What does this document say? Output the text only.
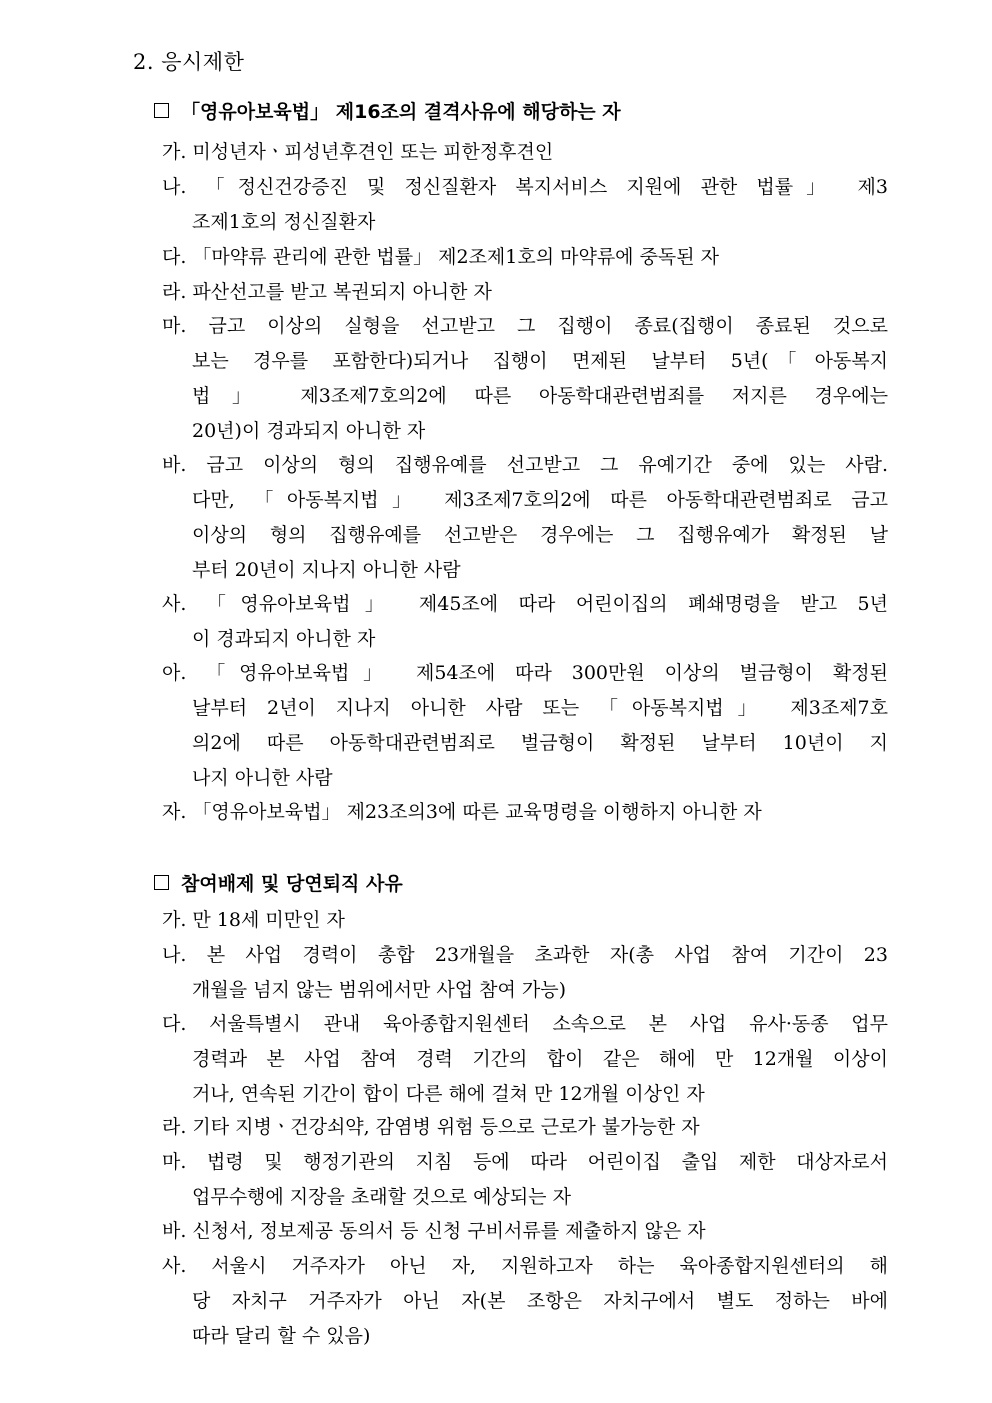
2. 응시제한
「영유아보육법」 제16조의 결격사유에 해당하는 자
가. 미성년자ㆍ피성년후견인 또는 피한정후견인
나. 「정신건강증진 및 정신질환자 복지서비스 지원에 관한 법률」 제3
조제1호의 정신질환자
다. 「마약류 관리에 관한 법률」 제2조제1호의 마약류에 중독된 자
라. 파산선고를 받고 복권되지 아니한 자
마. 금고 이상의 실형을 선고받고 그 집행이 종료(집행이 종료된 것으로
보는 경우를 포함한다)되거나 집행이 면제된 날부터 5년(「아동복지
법」 제3조제7호의2에 따른 아동학대관련범죄를 저지른 경우에는
20년)이 경과되지 아니한 자
바. 금고 이상의 형의 집행유예를 선고받고 그 유예기간 중에 있는 사람.
다만, 「아동복지법」 제3조제7호의2에 따른 아동학대관련범죄로 금고
이상의 형의 집행유예를 선고받은 경우에는 그 집행유예가 확정된 날
부터 20년이 지나지 아니한 사람
사. 「영유아보육법」 제45조에 따라 어린이집의 폐쇄명령을 받고 5년
이 경과되지 아니한 자
아. 「영유아보육법」 제54조에 따라 300만원 이상의 벌금형이 확정된
날부터 2년이 지나지 아니한 사람 또는 「아동복지법」 제3조제7호
의2에 따른 아동학대관련범죄로 벌금형이 확정된 날부터 10년이 지
나지 아니한 사람
자. 「영유아보육법」 제23조의3에 따른 교육명령을 이행하지 아니한 자
참여배제 및 당연퇴직 사유
가. 만 18세 미만인 자
나. 본 사업 경력이 총합 23개월을 초과한 자(총 사업 참여 기간이 23
개월을 넘지 않는 범위에서만 사업 참여 가능)
다. 서울특별시 관내 육아종합지원센터 소속으로 본 사업 유사·동종 업무
경력과 본 사업 참여 경력 기간의 합이 같은 해에 만 12개월 이상이
거나, 연속된 기간이 합이 다른 해에 걸쳐 만 12개월 이상인 자
라. 기타 지병ㆍ건강쇠약, 감염병 위험 등으로 근로가 불가능한 자
마. 법령 및 행정기관의 지침 등에 따라 어린이집 출입 제한 대상자로서
업무수행에 지장을 초래할 것으로 예상되는 자
바. 신청서, 정보제공 동의서 등 신청 구비서류를 제출하지 않은 자
사. 서울시 거주자가 아닌 자, 지원하고자 하는 육아종합지원센터의 해
당 자치구 거주자가 아닌 자(본 조항은 자치구에서 별도 정하는 바에
따라 달리 할 수 있음)
